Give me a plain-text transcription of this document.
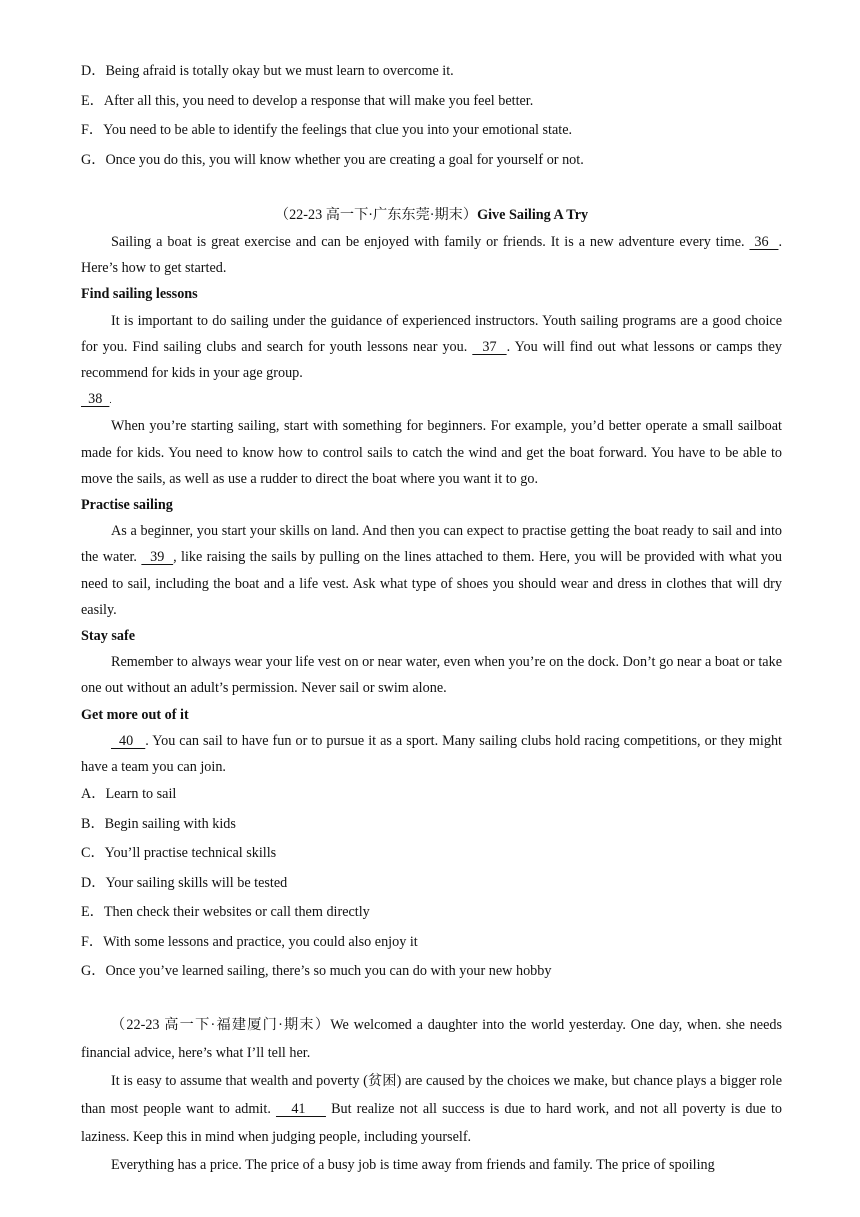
D．Being afraid is totally okay but we must learn to overcome it.
E．After all this, you need to develop a response that will make you feel better.
F．You need to be able to identify the feelings that clue you into your emotional state.
G．Once you do this, you will know whether you are creating a goal for yourself or not.
（22-23 高一下·广东东莞·期末）Give Sailing A Try

Sailing a boat is great exercise and can be enjoyed with family or friends. It is a new adventure every time.  36  . Here’s how to get started.

Find sailing lessons

It is important to do sailing under the guidance of experienced instructors. Youth sailing programs are a good choice for you. Find sailing clubs and search for youth lessons near you.   37  . You will find out what lessons or camps they recommend for kids in your age group.

38  .

When you’re starting sailing, start with something for beginners. For example, you’d better operate a small sailboat made for kids. You need to know how to control sails to catch the wind and get the boat forward. You have to be able to move the sails, as well as use a rudder to direct the boat where you want it to go.

Practise sailing

As a beginner, you start your skills on land. And then you can expect to practise getting the boat ready to sail and into the water.   39  , like raising the sails by pulling on the lines attached to them. Here, you will be provided with what you need to sail, including the boat and a life vest. Ask what type of shoes you should wear and dress in clothes that will dry easily.

Stay safe

Remember to always wear your life vest on or near water, even when you’re on the dock. Don’t go near a boat or take one out without an adult’s permission. Never sail or swim alone.

Get more out of it

40   . You can sail to have fun or to pursue it as a sport. Many sailing clubs hold racing competitions, or they might have a team you can join.

A．Learn to sail
B．Begin sailing with kids
C．You’ll practise technical skills
D．Your sailing skills will be tested
E．Then check their websites or call them directly
F．With some lessons and practice, you could also enjoy it
G．Once you’ve learned sailing, there’s so much you can do with your new hobby

（22-23 高一下·福建厦门·期末）We welcomed a daughter into the world yesterday. One day, when. she needs financial advice, here’s what I’ll tell her.

It is easy to assume that wealth and poverty (贫困) are caused by the choices we make, but chance plays a bigger role than most people want to admit.    41     But realize not all success is due to hard work, and not all poverty is due to laziness. Keep this in mind when judging people, including yourself.

Everything has a price. The price of a busy job is time away from friends and family. The price of spoiling
